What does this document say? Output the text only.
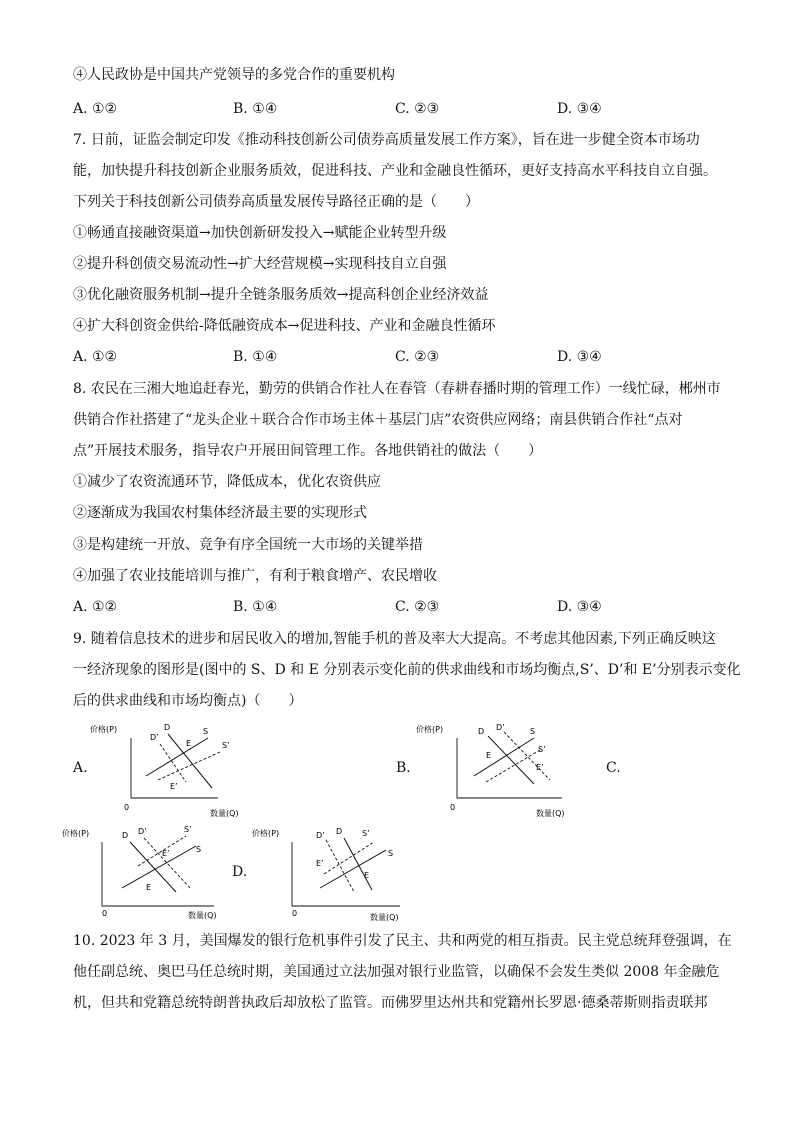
④人民政协是中国共产党领导的多党合作的重要机构
A. ①②	B. ①④	C. ②③	D. ③④
7. 日前，证监会制定印发《推动科技创新公司债券高质量发展工作方案》，旨在进一步健全资本市场功
能，加快提升科技创新企业服务质效，促进科技、产业和金融良性循环，更好支持高水平科技自立自强。
下列关于科技创新公司债券高质量发展传导路径正确的是（　　）
①畅通直接融资渠道→加快创新研发投入→赋能企业转型升级
②提升科创债交易流动性→扩大经营规模→实现科技自立自强
③优化融资服务机制→提升全链条服务质效→提高科创企业经济效益
④扩大科创资金供给-降低融资成本→促进科技、产业和金融良性循环
A. ①②	B. ①④	C. ②③	D. ③④
8. 农民在三湘大地追赶春光，勤劳的供销合作社人在春管（春耕春播时期的管理工作）一线忙碌，郴州市
供销合作社搭建了“龙头企业＋联合合作市场主体＋基层门店”农资供应网络；南县供销合作社“点对
点”开展技术服务，指导农户开展田间管理工作。各地供销社的做法（　　）
①减少了农资流通环节，降低成本，优化农资供应
②逐渐成为我国农村集体经济最主要的实现形式
③是构建统一开放、竞争有序全国统一大市场的关键举措
④加强了农业技能培训与推广，有利于粮食增产、农民增收
A. ①②	B. ①④	C. ②③	D. ③④
9. 随着信息技术的进步和居民收入的增加,智能手机的普及率大大提高。不考虑其他因素,下列正确反映这
一经济现象的图形是(图中的 S、D 和 E 分别表示变化前的供求曲线和市场均衡点,S’、D’和 E’分别表示变化
后的供求曲线和市场均衡点)（　　）
A.	B.	C.
D.
价格(P)
0
数量(Q)
D
D’
S
S’
E
E’
价格(P)
0
数量(Q)
D D’	S
S’
E
E’
价格(P)
0	数量(Q)
D D’	S’
S
E’
E
价格(P)
0	数量(Q)
D’ D S’
S
E’
E
10. 2023 年 3 月，美国爆发的银行危机事件引发了民主、共和两党的相互指责。民主党总统拜登强调，在
他任副总统、奥巴马任总统时期，美国通过立法加强对银行业监管，以确保不会发生类似 2008 年金融危
机，但共和党籍总统特朗普执政后却放松了监管。而佛罗里达州共和党籍州长罗恩·德桑蒂斯则指责联邦
